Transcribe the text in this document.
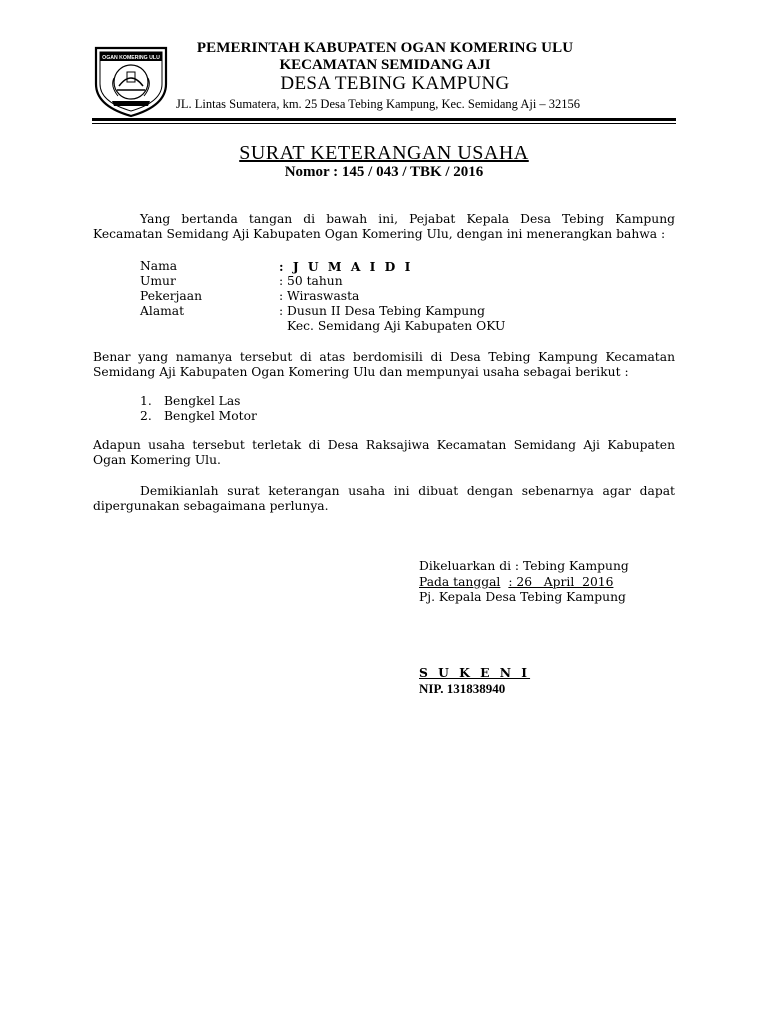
OGAN KOMERING ULU
PEMERINTAH KABUPATEN OGAN KOMERING ULU
KECAMATAN SEMIDANG AJI
DESA TEBING KAMPUNG
JL. Lintas Sumatera, km. 25 Desa Tebing Kampung, Kec. Semidang Aji – 32156
SURAT KETERANGAN USAHA
Nomor : 145 / 043 / TBK / 2016
Yang bertanda tangan di bawah ini, Pejabat Kepala Desa Tebing Kampung Kecamatan Semidang Aji Kabupaten Ogan Komering Ulu, dengan ini menerangkan bahwa :
Nama	: J U M A I D I
Umur	: 50 tahun
Pekerjaan	: Wiraswasta
Alamat	: Dusun II Desa Tebing Kampung
Kec. Semidang Aji Kabupaten OKU
Benar yang namanya tersebut di atas berdomisili di Desa Tebing Kampung Kecamatan Semidang Aji Kabupaten Ogan Komering Ulu dan mempunyai usaha sebagai berikut :
1. Bengkel Las
2. Bengkel Motor
Adapun usaha tersebut terletak di Desa Raksajiwa Kecamatan Semidang Aji Kabupaten Ogan Komering Ulu.
Demikianlah surat keterangan usaha ini dibuat dengan sebenarnya agar dapat dipergunakan sebagaimana perlunya.
Dikeluarkan di : Tebing Kampung
Pada tanggal : 26   April  2016
Pj. Kepala Desa Tebing Kampung
S U K E N I
NIP. 131838940
